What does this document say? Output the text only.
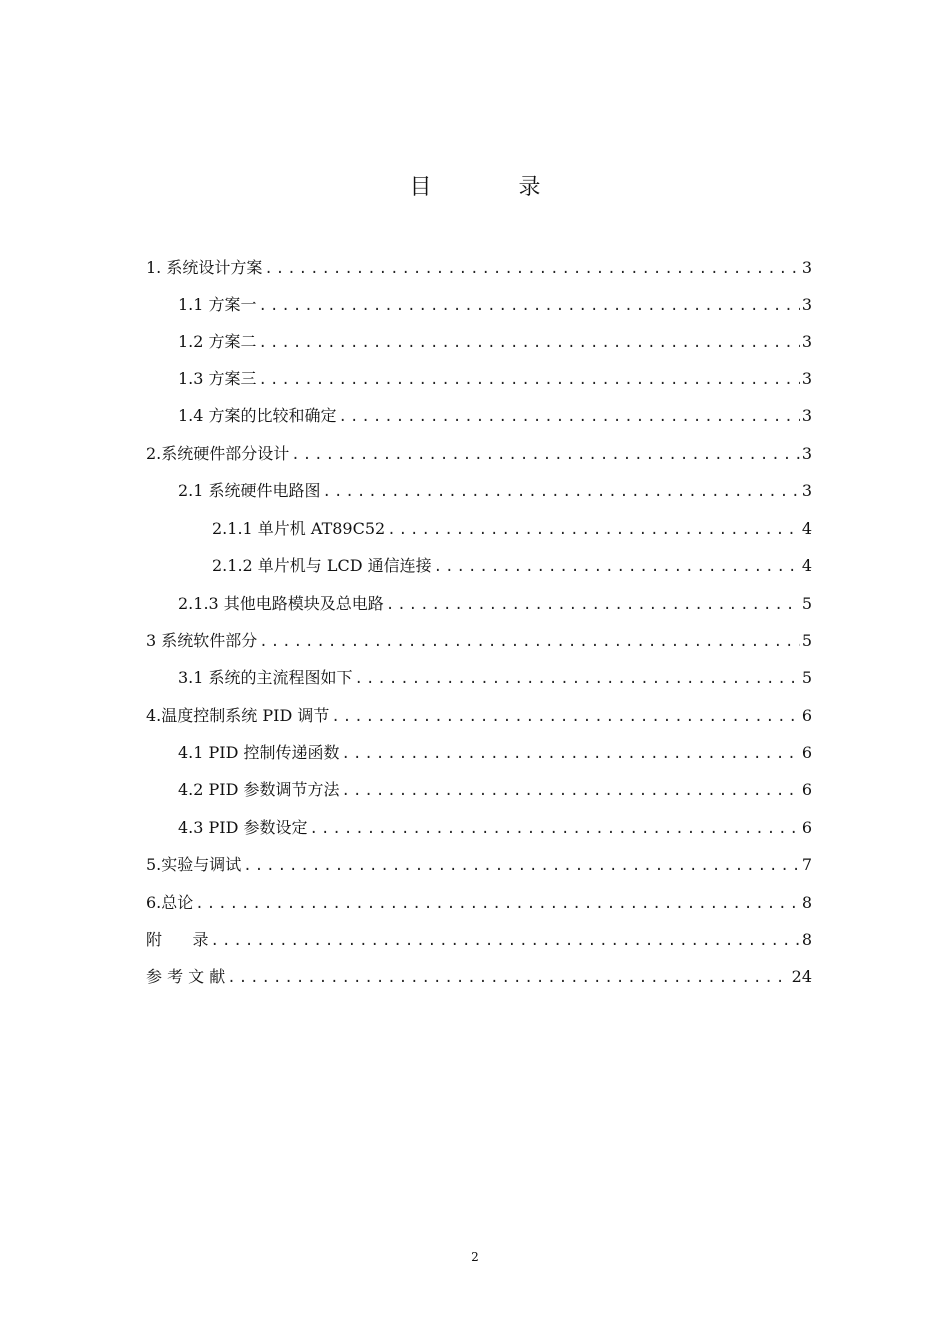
目 录
1. 系统设计方案 .....	3
1.1 方案一 .....	3
1.2 方案二 .....	3
1.3 方案三 .....	3
1.4 方案的比较和确定 .....	3
2.系统硬件部分设计 .....	3
2.1 系统硬件电路图 .....	3
2.1.1 单片机 AT89C52 .....	4
2.1.2 单片机与 LCD 通信连接 .....	4
2.1.3 其他电路模块及总电路 .....	5
3 系统软件部分 .....	5
3.1 系统的主流程图如下 .....	5
4.温度控制系统 PID 调节 .....	6
4.1 PID 控制传递函数 .....	6
4.2 PID 参数调节方法 .....	6
4.3 PID 参数设定 .....	6
5.实验与调试 .....	7
6.总论 .....	8
附      录 .....	8
参 考 文 献 .....	24
2
